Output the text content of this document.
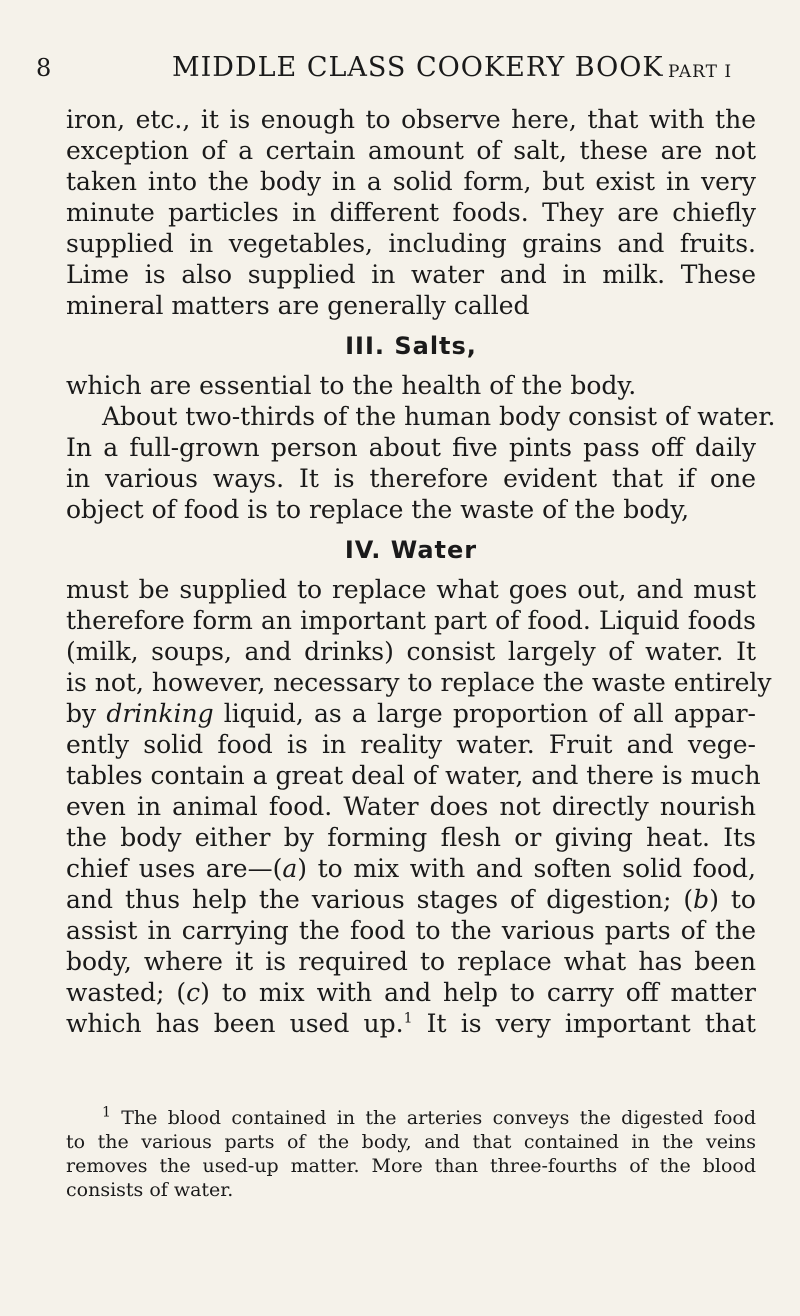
8	MIDDLE CLASS COOKERY BOOK PART I
iron, etc., it is enough to observe here, that with the
exception of a certain amount of salt, these are not
taken into the body in a solid form, but exist in very
minute particles in different foods. They are chiefly
supplied in vegetables, including grains and fruits.
Lime is also supplied in water and in milk. These
mineral matters are generally called
III. Salts,
which are essential to the health of the body.
About two-thirds of the human body consist of water.
In a full-grown person about five pints pass off daily
in various ways. It is therefore evident that if one
object of food is to replace the waste of the body,
IV. Water
must be supplied to replace what goes out, and must
therefore form an important part of food. Liquid foods
(milk, soups, and drinks) consist largely of water. It
is not, however, necessary to replace the waste entirely
by drinking liquid, as a large proportion of all appar-
ently solid food is in reality water. Fruit and vege-
tables contain a great deal of water, and there is much
even in animal food. Water does not directly nourish
the body either by forming flesh or giving heat. Its
chief uses are—(a) to mix with and soften solid food,
and thus help the various stages of digestion; (b) to
assist in carrying the food to the various parts of the
body, where it is required to replace what has been
wasted; (c) to mix with and help to carry off matter
which has been used up.$^1$ It is very important that
$^1$ The blood contained in the arteries conveys the digested food
to the various parts of the body, and that contained in the veins
removes the used-up matter. More than three-fourths of the blood
consists of water.
